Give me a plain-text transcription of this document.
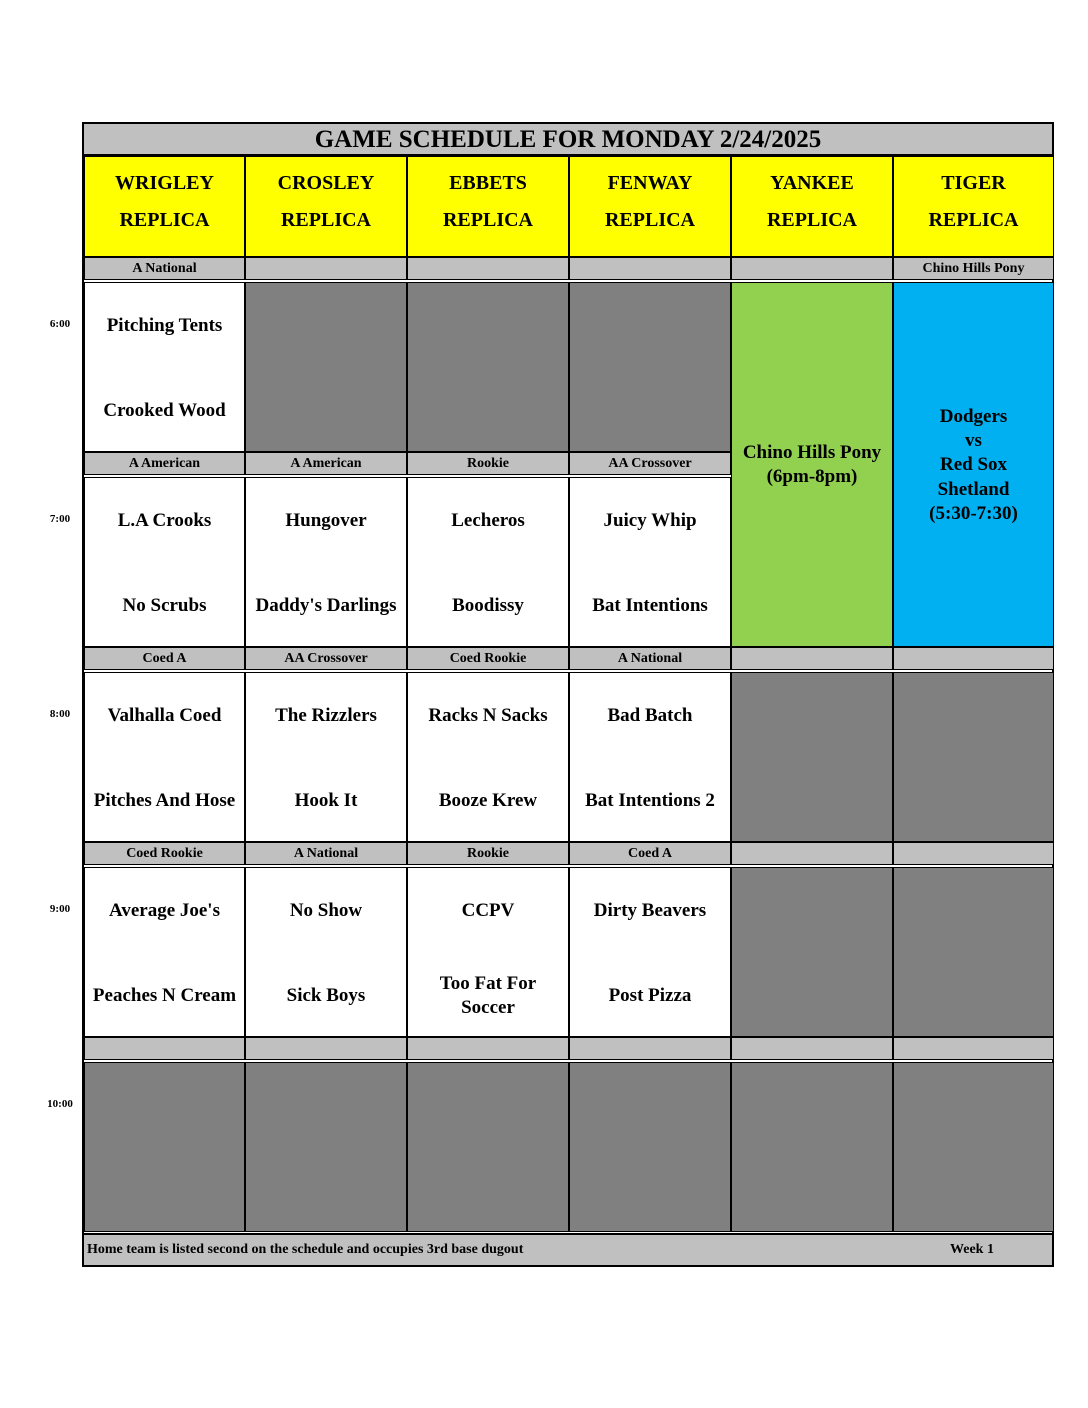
GAME SCHEDULE FOR MONDAY 2/24/2025
WRIGLEY
REPLICA
CROSLEY
REPLICA
EBBETS
REPLICA
FENWAY
REPLICA
YANKEE
REPLICA
TIGER
REPLICA
6:00
7:00
8:00
9:00
10:00
A National
Pitching Tents
Crooked Wood
Chino Hills Pony
A American
L.A Crooks
No Scrubs
A American
Hungover
Daddy's Darlings
Rookie
Lecheros
Boodissy
AA Crossover
Juicy Whip
Bat Intentions
Coed A
Valhalla Coed
Pitches And Hose
AA Crossover
The Rizzlers
Hook It
Coed Rookie
Racks N Sacks
Booze Krew
A National
Bad Batch
Bat Intentions 2
Coed Rookie
Average Joe's
Peaches N Cream
A National
No Show
Sick Boys
Rookie
CCPV
Too Fat For Soccer
Coed A
Dirty Beavers
Post Pizza
Chino Hills Pony
(6pm-8pm)
Dodgers
vs
Red Sox
Shetland
(5:30-7:30)
Home team is listed second on the schedule and occupies 3rd base dugout	Week 1
